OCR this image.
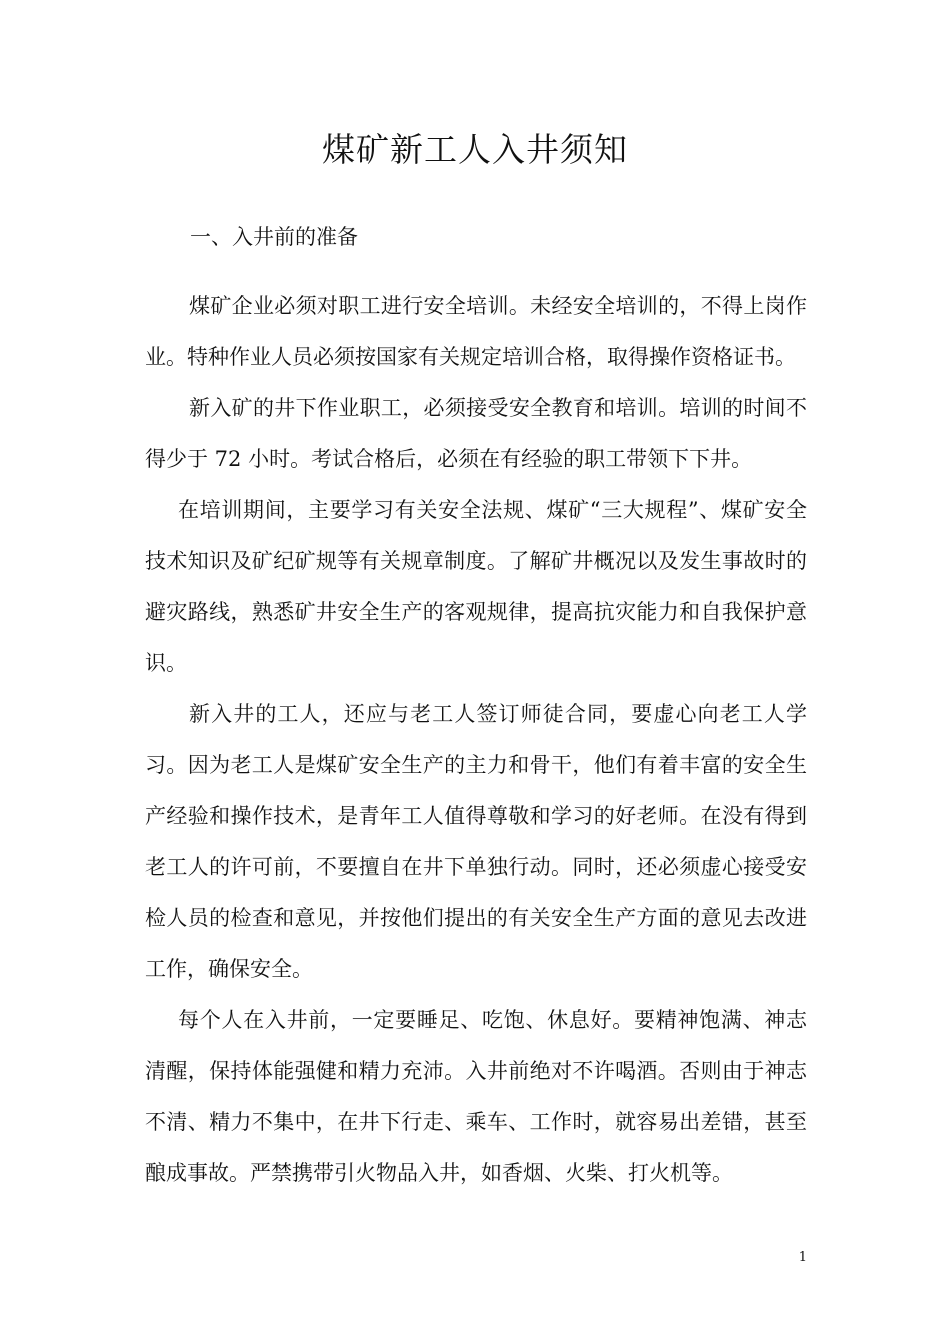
煤矿新工人入井须知
一、入井前的准备

煤矿企业必须对职工进行安全培训。未经安全培训的，不得上岗作业。特种作业人员必须按国家有关规定培训合格，取得操作资格证书。

新入矿的井下作业职工，必须接受安全教育和培训。培训的时间不得少于 72 小时。考试合格后，必须在有经验的职工带领下下井。

在培训期间，主要学习有关安全法规、煤矿“三大规程”、煤矿安全技术知识及矿纪矿规等有关规章制度。了解矿井概况以及发生事故时的避灾路线，熟悉矿井安全生产的客观规律，提高抗灾能力和自我保护意识。

新入井的工人，还应与老工人签订师徒合同，要虚心向老工人学习。因为老工人是煤矿安全生产的主力和骨干，他们有着丰富的安全生产经验和操作技术，是青年工人值得尊敬和学习的好老师。在没有得到老工人的许可前，不要擅自在井下单独行动。同时，还必须虚心接受安检人员的检查和意见，并按他们提出的有关安全生产方面的意见去改进工作，确保安全。

每个人在入井前，一定要睡足、吃饱、休息好。要精神饱满、神志清醒，保持体能强健和精力充沛。入井前绝对不许喝酒。否则由于神志不清、精力不集中，在井下行走、乘车、工作时，就容易出差错，甚至酿成事故。严禁携带引火物品入井，如香烟、火柴、打火机等。

1
